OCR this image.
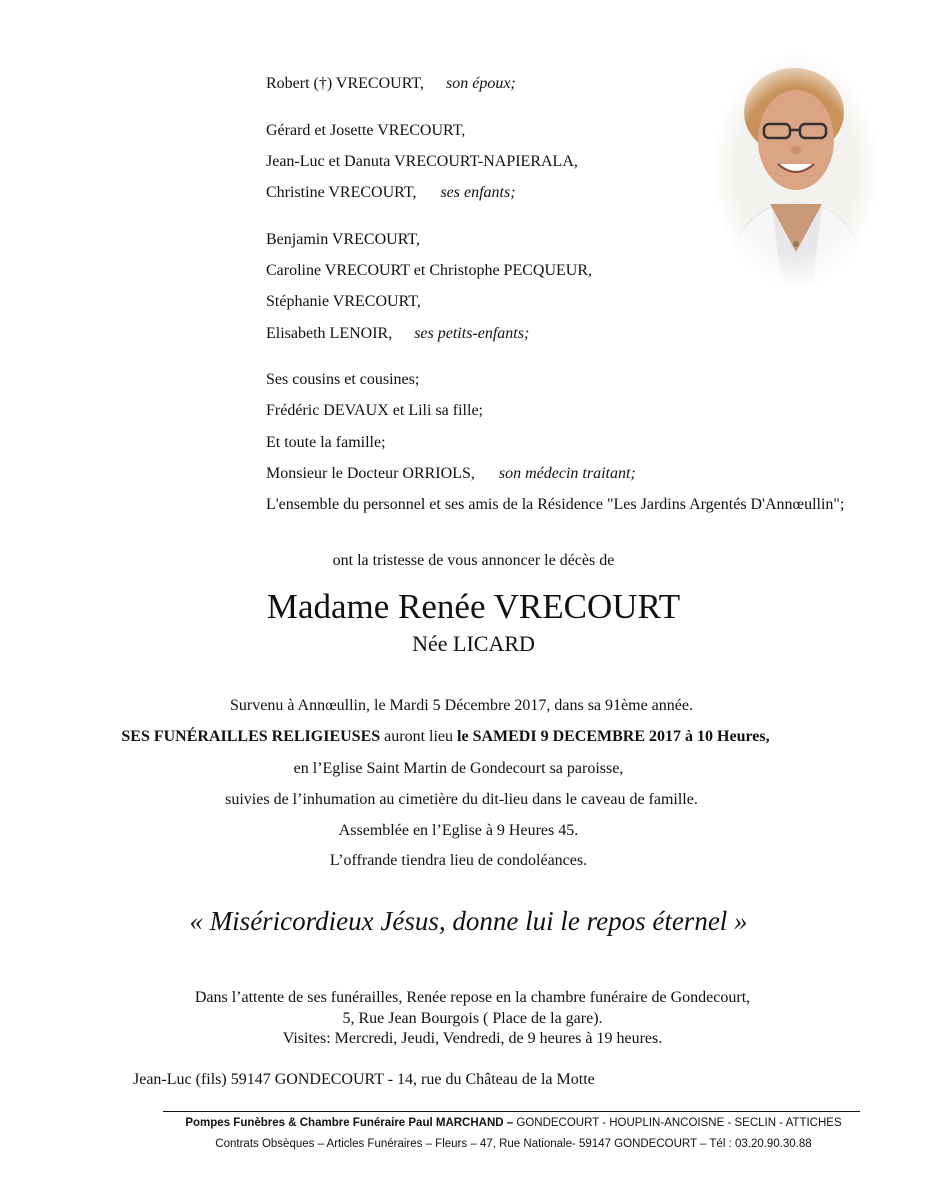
Robert (†) VRECOURT, son époux;
Gérard et Josette VRECOURT,
Jean-Luc et Danuta VRECOURT-NAPIERALA,
Christine VRECOURT, ses enfants;
Benjamin VRECOURT,
Caroline VRECOURT et Christophe PECQUEUR,
Stéphanie VRECOURT,
Elisabeth LENOIR, ses petits-enfants;
Ses cousins et cousines;
Frédéric DEVAUX et Lili sa fille;
Et toute la famille;
Monsieur le Docteur ORRIOLS, son médecin traitant;
L'ensemble du personnel et ses amis de la Résidence "Les Jardins Argentés D'Annœullin";
ont la tristesse de vous annoncer le décès de
Madame Renée VRECOURT
Née LICARD
Survenu à Annœullin, le Mardi 5 Décembre 2017, dans sa 91ème année.
SES FUNÉRAILLES RELIGIEUSES auront lieu le SAMEDI 9 DECEMBRE 2017 à 10 Heures,
en l’Eglise Saint Martin de Gondecourt sa paroisse,
suivies de l’inhumation au cimetière du dit-lieu dans le caveau de famille.
Assemblée en l’Eglise à 9 Heures 45.
L’offrande tiendra lieu de condoléances.
« Miséricordieux Jésus, donne lui le repos éternel »
Dans l’attente de ses funérailles, Renée repose en la chambre funéraire de Gondecourt,
5, Rue Jean Bourgois ( Place de la gare).
Visites: Mercredi, Jeudi, Vendredi, de 9 heures à 19 heures.
Jean-Luc (fils) 59147 GONDECOURT - 14, rue du Château de la Motte
Pompes Funèbres & Chambre Funéraire Paul MARCHAND – GONDECOURT - HOUPLIN-ANCOISNE - SECLIN - ATTICHES
Contrats Obsèques – Articles Funéraires – Fleurs – 47, Rue Nationale- 59147 GONDECOURT – Tél : 03.20.90.30.88
